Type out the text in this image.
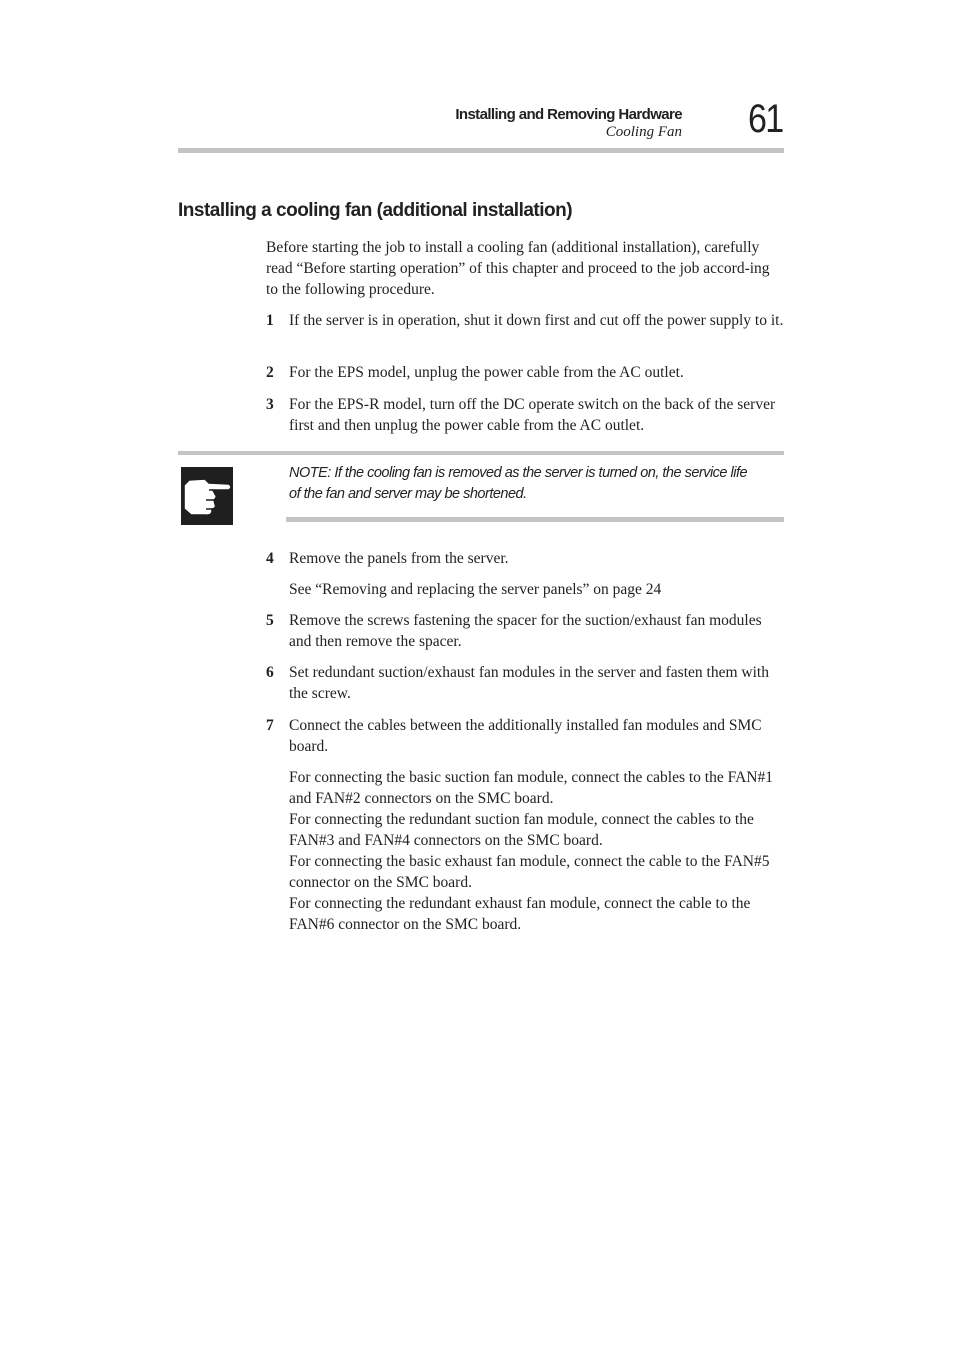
Installing and Removing Hardware
Cooling Fan 61
Installing a cooling fan (additional installation)
Before starting the job to install a cooling fan (additional installation), carefully read “Before starting operation” of this chapter and proceed to the job accord-ing to the following procedure.
1 If the server is in operation, shut it down first and cut off the power supply to it.
2 For the EPS model, unplug the power cable from the AC outlet.
3 For the EPS-R model, turn off the DC operate switch on the back of the server first and then unplug the power cable from the AC outlet.
NOTE: If the cooling fan is removed as the server is turned on, the service life of the fan and server may be shortened.
4 Remove the panels from the server.
See “Removing and replacing the server panels” on page 24
5 Remove the screws fastening the spacer for the suction/exhaust fan modules and then remove the spacer.
6 Set redundant suction/exhaust fan modules in the server and fasten them with the screw.
7 Connect the cables between the additionally installed fan modules and SMC board.
For connecting the basic suction fan module, connect the cables to the FAN#1 and FAN#2 connectors on the SMC board.
For connecting the redundant suction fan module, connect the cables to the FAN#3 and FAN#4 connectors on the SMC board.
For connecting the basic exhaust fan module, connect the cable to the FAN#5 connector on the SMC board.
For connecting the redundant exhaust fan module, connect the cable to the FAN#6 connector on the SMC board.
